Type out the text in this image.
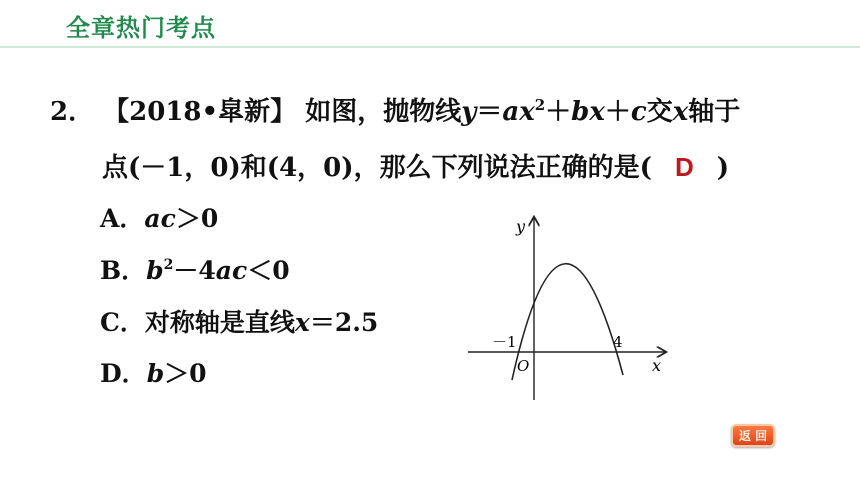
全章热门考点
2． 【2018•皐新】 如图，抛物线$y=ax^2+bx+c$交x轴于
点(－1，0)和(4，0)，那么下列说法正确的是( D )
A．ac＞0
B．$b^2-4ac<0$
C．对称轴是直线x＝2.5
D．b＞0
y
x
O
－1	4
返 回
